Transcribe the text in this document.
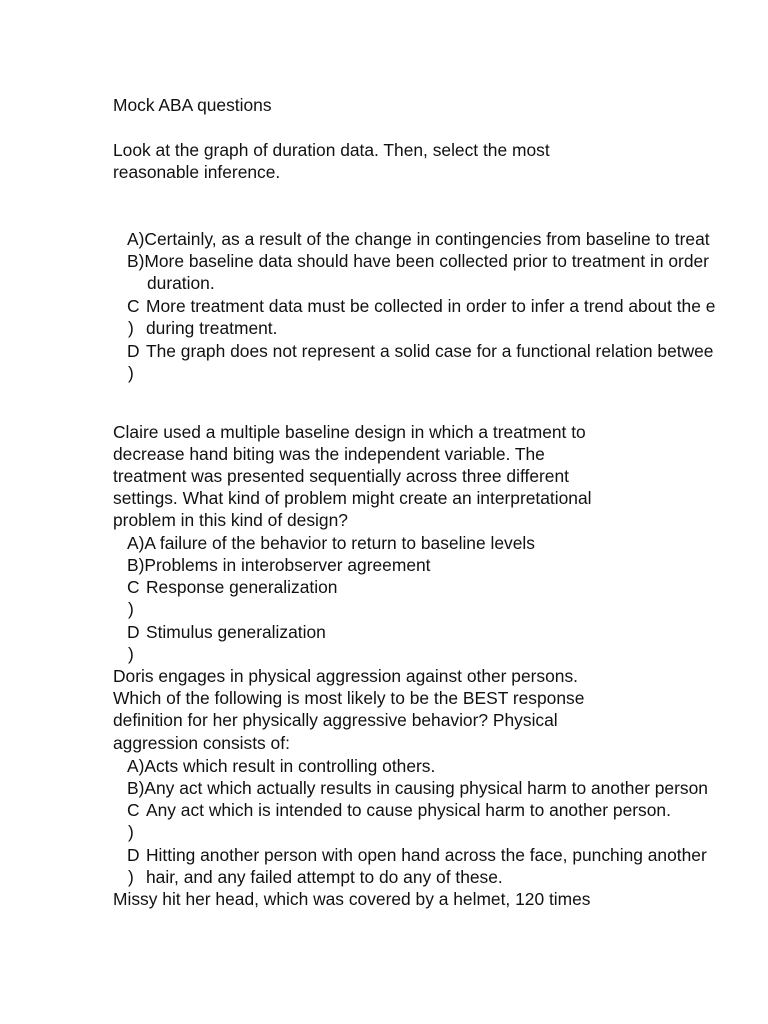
Mock ABA questions
Look at the graph of duration data. Then, select the most
reasonable inference.
A)Certainly, as a result of the change in contingencies from baseline to treat
B)More baseline data should have been collected prior to treatment in order
duration.
C
)
More treatment data must be collected in order to infer a trend about the e
during treatment.
D
)
The graph does not represent a solid case for a functional relation betwee
Claire used a multiple baseline design in which a treatment to
decrease hand biting was the independent variable. The
treatment was presented sequentially across three different
settings. What kind of problem might create an interpretational
problem in this kind of design?
A)A failure of the behavior to return to baseline levels
B)Problems in interobserver agreement
C
)
Response generalization
D
)
Stimulus generalization
Doris engages in physical aggression against other persons.
Which of the following is most likely to be the BEST response
definition for her physically aggressive behavior? Physical
aggression consists of:
A)Acts which result in controlling others.
B)Any act which actually results in causing physical harm to another person
C
)
Any act which is intended to cause physical harm to another person.
D
)
Hitting another person with open hand across the face, punching another
hair, and any failed attempt to do any of these.
Missy hit her head, which was covered by a helmet, 120 times
